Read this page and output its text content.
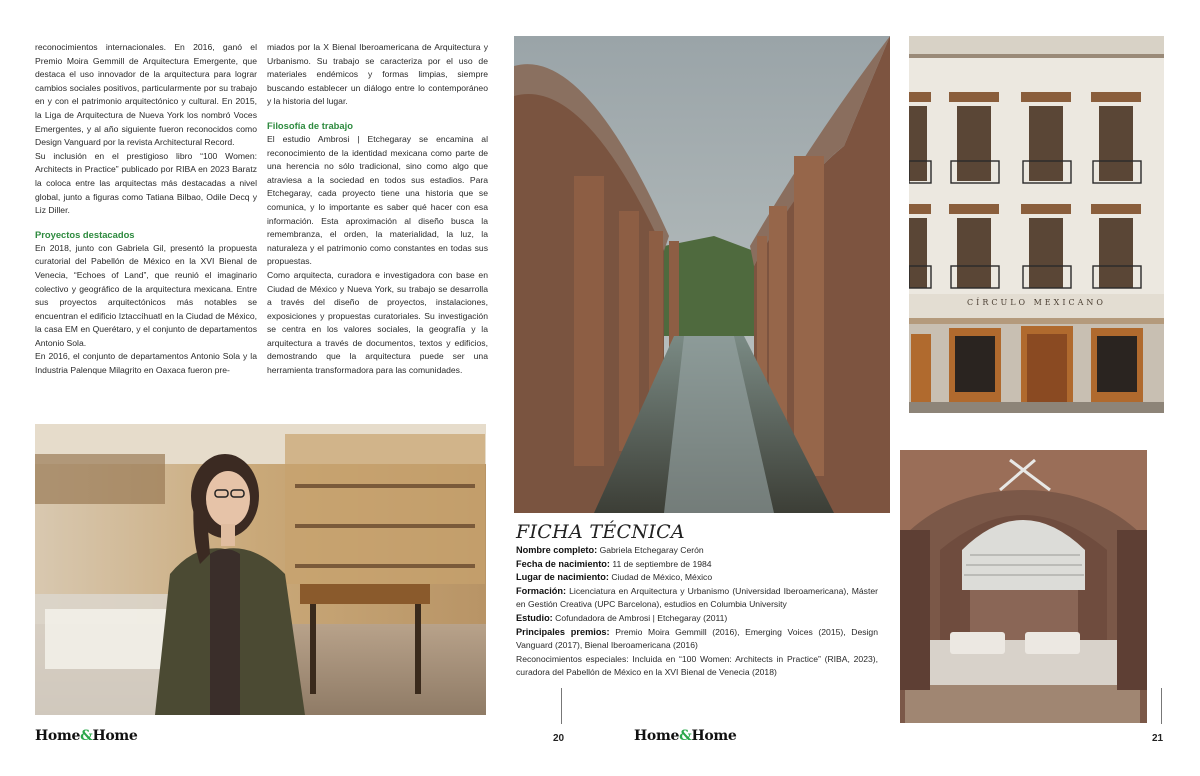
reconocimientos internacionales. En 2016, ganó el Premio Moira Gemmill de Arquitectura Emergente, que destaca el uso innovador de la arquitectura para lograr cambios sociales positivos, particularmente por su trabajo en y con el patrimonio arquitectónico y cultural. En 2015, la Liga de Arquitectura de Nueva York los nombró Voces Emergentes, y al año siguiente fueron reconocidos como Design Vanguard por la revista Architectural Record.

Su inclusión en el prestigioso libro “100 Women: Architects in Practice” publicado por RIBA en 2023 Baratz la coloca entre las arquitectas más destacadas a nivel global, junto a figuras como Tatiana Bilbao, Odile Decq y Liz Diller.

Proyectos destacados

En 2018, junto con Gabriela Gil, presentó la propuesta curatorial del Pabellón de México en la XVI Bienal de Venecia, “Echoes of Land”, que reunió el imaginario colectivo y geográfico de la arquitectura mexicana. Entre sus proyectos arquitectónicos más notables se encuentran el edificio Iztaccíhuatl en la Ciudad de México, la casa EM en Querétaro, y el conjunto de departamentos Antonio Sola.

En 2016, el conjunto de departamentos Antonio Sola y la Industria Palenque Milagrito en Oaxaca fueron pre-

miados por la X Bienal Iberoamericana de Arquitectura y Urbanismo. Su trabajo se caracteriza por el uso de materiales endémicos y formas limpias, siempre buscando establecer un diálogo entre lo contemporáneo y la historia del lugar.

Filosofía de trabajo

El estudio Ambrosi | Etchegaray se encamina al reconocimiento de la identidad mexicana como parte de una herencia no sólo tradicional, sino como algo que atraviesa a la sociedad en todos sus estadios. Para Etchegaray, cada proyecto tiene una historia que se comunica, y lo importante es saber qué hacer con esa información. Esta aproximación al diseño busca la remembranza, el orden, la materialidad, la luz, la naturaleza y el patrimonio como constantes en todas sus propuestas.

Como arquitecta, curadora e investigadora con base en Ciudad de México y Nueva York, su trabajo se desarrolla a través del diseño de proyectos, instalaciones, exposiciones y propuestas curatoriales. Su investigación se centra en los valores sociales, la geografía y la arquitectura a través de documentos, textos y edificios, demostrando que la arquitectura puede ser una herramienta transformadora para las comunidades.

Home&Home	20
CÍRCULO MEXICANO
FICHA TÉCNICA

Nombre completo: Gabriela Etchegaray Cerón

Fecha de nacimiento: 11 de septiembre de 1984

Lugar de nacimiento: Ciudad de México, México

Formación: Licenciatura en Arquitectura y Urbanismo (Universidad Iberoamericana), Máster en Gestión Creativa (UPC Barcelona), estudios en Columbia University

Estudio: Cofundadora de Ambrosi | Etchegaray (2011)

Principales premios: Premio Moira Gemmill (2016), Emerging Voices (2015), Design Vanguard (2017), Bienal Iberoamericana (2016)

Reconocimientos especiales: Incluida en “100 Women: Architects in Practice” (RIBA, 2023), curadora del Pabellón de México en la XVI Bienal de Venecia (2018)

Home&Home	21
